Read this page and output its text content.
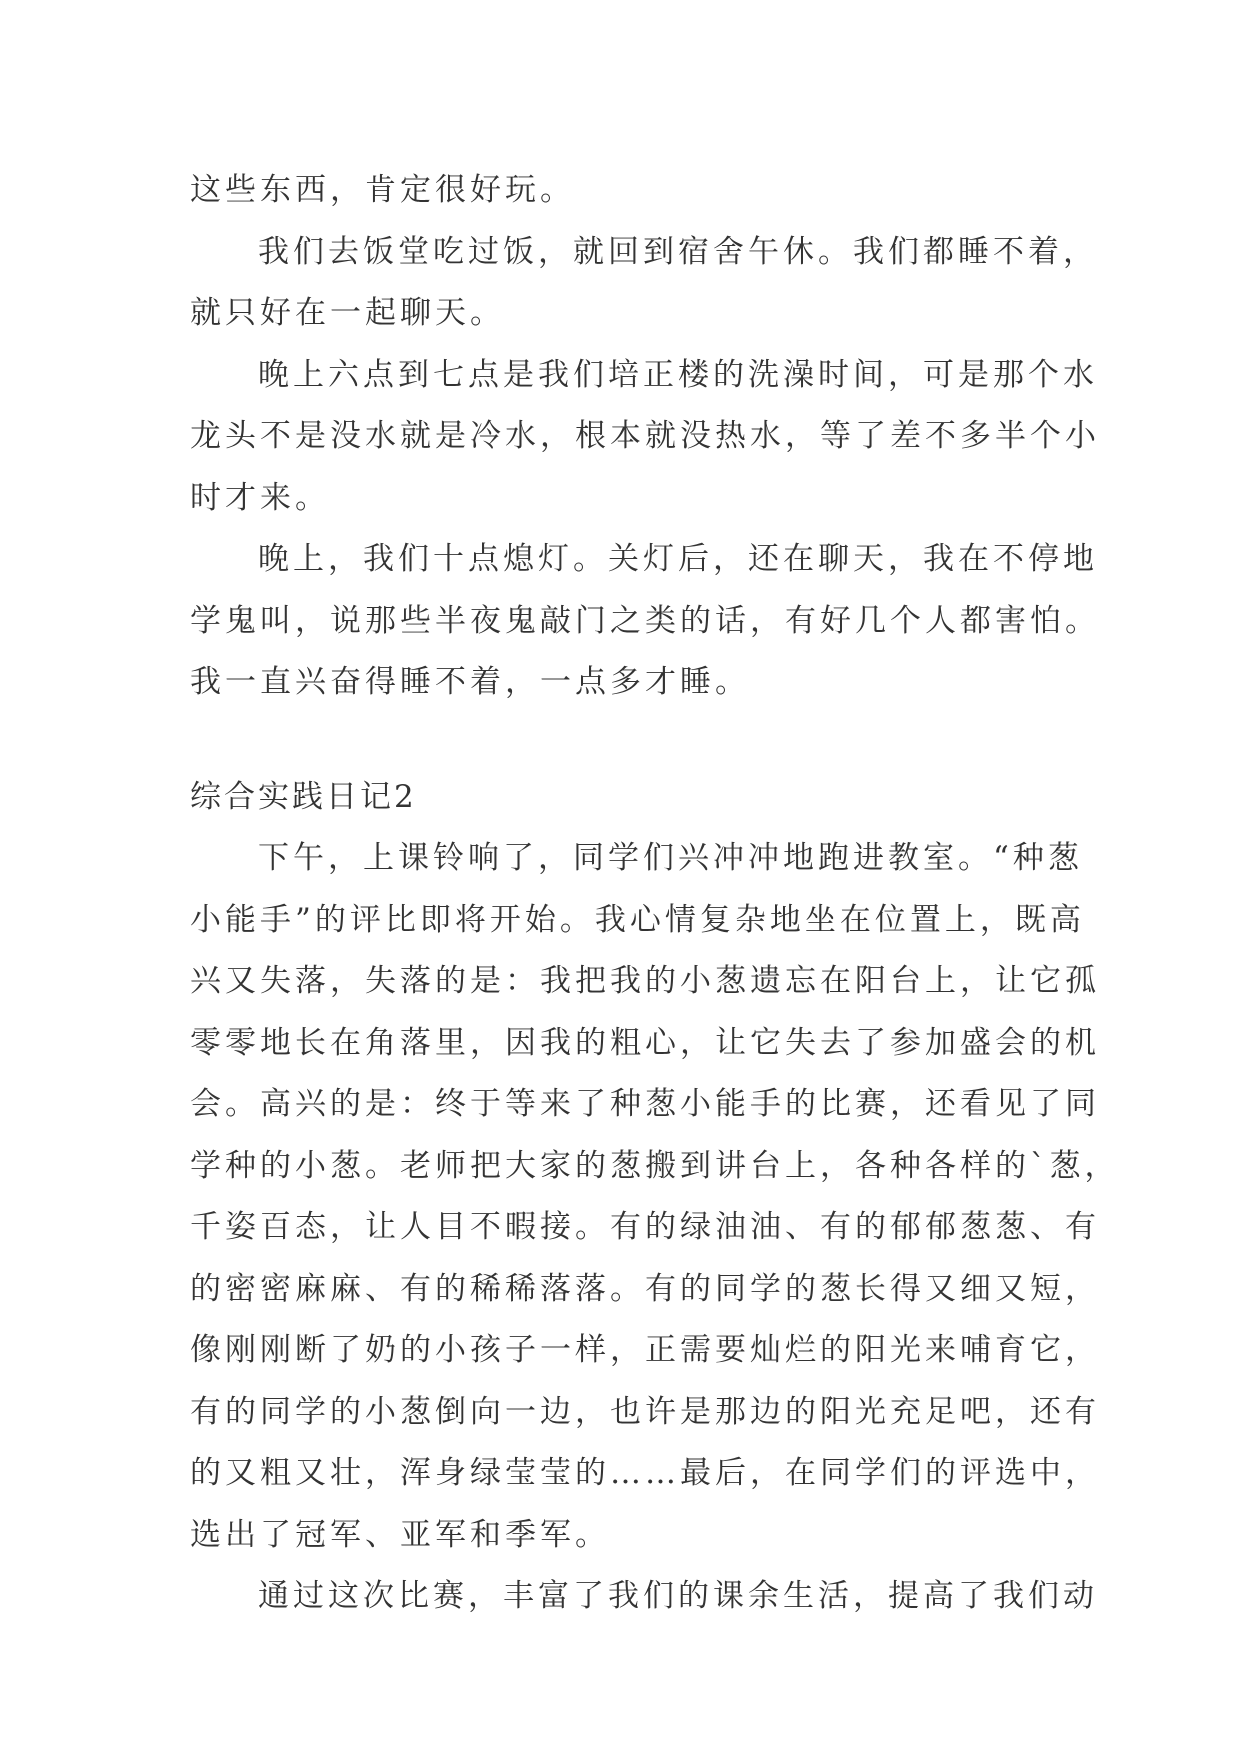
这些东西，肯定很好玩。
我们去饭堂吃过饭，就回到宿舍午休。我们都睡不着，
就只好在一起聊天。
晚上六点到七点是我们培正楼的洗澡时间，可是那个水
龙头不是没水就是冷水，根本就没热水，等了差不多半个小
时才来。
晚上，我们十点熄灯。关灯后，还在聊天，我在不停地
学鬼叫，说那些半夜鬼敲门之类的话，有好几个人都害怕。
我一直兴奋得睡不着，一点多才睡。
综合实践日记2
下午，上课铃响了，同学们兴冲冲地跑进教室。“种葱
小能手”的评比即将开始。我心情复杂地坐在位置上，既高
兴又失落，失落的是：我把我的小葱遗忘在阳台上，让它孤
零零地长在角落里，因我的粗心，让它失去了参加盛会的机
会。高兴的是：终于等来了种葱小能手的比赛，还看见了同
学种的小葱。老师把大家的葱搬到讲台上，各种各样的`葱，
千姿百态，让人目不暇接。有的绿油油、有的郁郁葱葱、有
的密密麻麻、有的稀稀落落。有的同学的葱长得又细又短，
像刚刚断了奶的小孩子一样，正需要灿烂的阳光来哺育它，
有的同学的小葱倒向一边，也许是那边的阳光充足吧，还有
的又粗又壮，浑身绿莹莹的……最后，在同学们的评选中，
选出了冠军、亚军和季军。
通过这次比赛，丰富了我们的课余生活，提高了我们动
